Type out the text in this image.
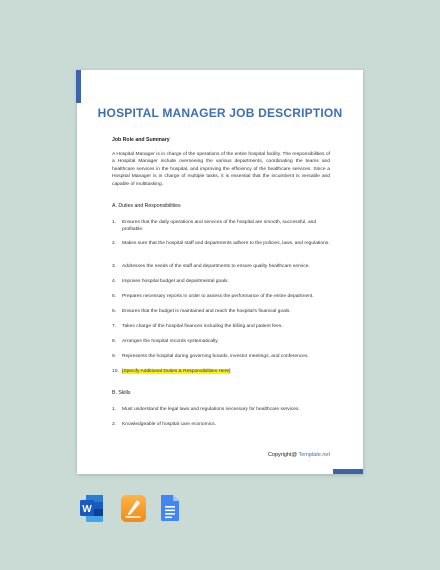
HOSPITAL MANAGER JOB DESCRIPTION
Job Role and Summary
A Hospital Manager is in charge of the operations of the entire hospital facility. The responsibilities of a Hospital Manager include overseeing the various departments, coordinating the teams and healthcare services in the hospital, and improving the efficiency of the healthcare services. Since a Hospital Manager is in charge of multiple tasks, it is essential that the incumbent is versatile and capable of multitasking.
A. Duties and Responsibilities
1.	Ensures that the daily operations and services of the hospital are smooth, successful, and profitable.
2.	Makes sure that the hospital staff and departments adhere to the policies, laws, and regulations.
3.	Addresses the needs of the staff and departments to ensure quality healthcare service.
4.	Imposes hospital budget and departmental goals.
5.	Prepares necessary reports in order to assess the performance of the entire department.
6.	Ensures that the budget is maintained and reach the hospital's financial goals.
7.	Takes charge of the hospital finances including the billing and patient fees.
8.	Arranges the hospital records systematically.
9.	Represents the hospital during governing boards, investor meetings, and conferences.
10. [Specify Additional Duties & Responsibilities Here]
B. Skills
1.	Must understand the legal laws and regulations necessary for healthcare services.
2.	Knowledgeable of hospital care economics.
Copyright@ Template.net
W
